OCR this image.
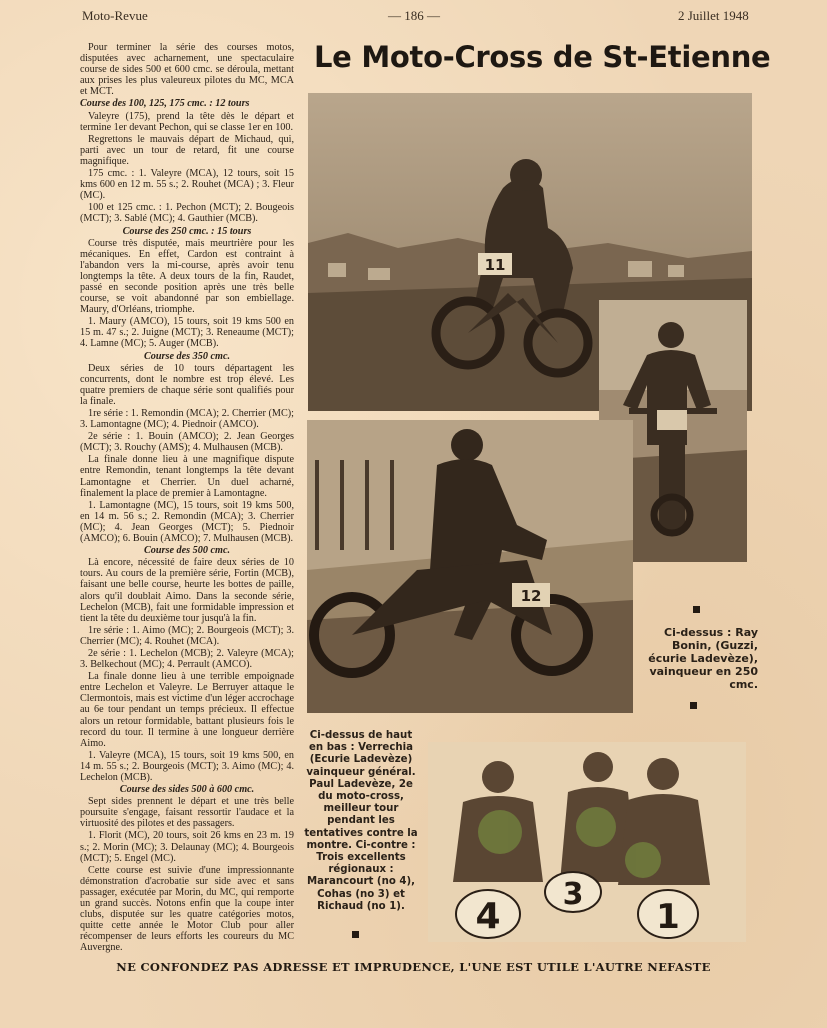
Moto-Revue	— 186 —	2 Juillet 1948
Le Moto-Cross de St-Etienne

Pour terminer la série des courses motos, disputées avec acharnement, une spectaculaire course de sides 500 et 600 cmc. se déroula, mettant aux prises les plus valeureux pilotes du MC, MCA et MCT.

Course des 100, 125, 175 cmc. : 12 tours

Valeyre (175), prend la tête dès le départ et termine 1er devant Pechon, qui se classe 1er en 100.

Regrettons le mauvais départ de Michaud, qui, parti avec un tour de retard, fit une course magnifique.

175 cmc. : 1. Valeyre (MCA), 12 tours, soit 15 kms 600 en 12 m. 55 s.; 2. Rouhet (MCA) ; 3. Fleur (MC).

100 et 125 cmc. : 1. Pechon (MCT); 2. Bougeois (MCT); 3. Sablé (MC); 4. Gauthier (MCB).

Course des 250 cmc. : 15 tours

Course très disputée, mais meurtrière pour les mécaniques. En effet, Cardon est contraint à l'abandon vers la mi-course, après avoir tenu longtemps la tête. A deux tours de la fin, Raudet, passé en seconde position après une très belle course, se voit abandonné par son embiellage. Maury, d'Orléans, triomphe.

1. Maury (AMCO), 15 tours, soit 19 kms 500 en 15 m. 47 s.; 2. Juigne (MCT); 3. Reneaume (MCT); 4. Lamne (MC); 5. Auger (MCB).

Course des 350 cmc.

Deux séries de 10 tours départagent les concurrents, dont le nombre est trop élevé. Les quatre premiers de chaque série sont qualifiés pour la finale.

1re série : 1. Remondin (MCA); 2. Cherrier (MC); 3. Lamontagne (MC); 4. Piednoir (AMCO).

2e série : 1. Bouin (AMCO); 2. Jean Georges (MCT); 3. Rouchy (AMS); 4. Mulhausen (MCB).

La finale donne lieu à une magnifique dispute entre Remondin, tenant longtemps la tête devant Lamontagne et Cherrier. Un duel acharné, finalement la place de premier à Lamontagne.

1. Lamontagne (MC), 15 tours, soit 19 kms 500, en 14 m. 56 s.; 2. Remondin (MCA); 3. Cherrier (MC); 4. Jean Georges (MCT); 5. Piednoir (AMCO); 6. Bouin (AMCO); 7. Mulhausen (MCB).

Course des 500 cmc.

Là encore, nécessité de faire deux séries de 10 tours. Au cours de la première série, Fortin (MCB), faisant une belle course, heurte les bottes de paille, alors qu'il doublait Aimo. Dans la seconde série, Lechelon (MCB), fait une formidable impression et tient la tête du deuxième tour jusqu'à la fin.

1re série : 1. Aimo (MC); 2. Bourgeois (MCT); 3. Cherrier (MC); 4. Rouhet (MCA).

2e série : 1. Lechelon (MCB); 2. Valeyre (MCA); 3. Belkechout (MC); 4. Perrault (AMCO).

La finale donne lieu à une terrible empoignade entre Lechelon et Valeyre. Le Berruyer attaque le Clermontois, mais est victime d'un léger accrochage au 6e tour pendant un temps précieux. Il effectue alors un retour formidable, battant plusieurs fois le record du tour. Il termine à une longueur derrière Aimo.

1. Valeyre (MCA), 15 tours, soit 19 kms 500, en 14 m. 55 s.; 2. Bourgeois (MCT); 3. Aimo (MC); 4. Lechelon (MCB).

Course des sides 500 à 600 cmc.

Sept sides prennent le départ et une très belle poursuite s'engage, faisant ressortir l'audace et la virtuosité des pilotes et des passagers.

1. Florit (MC), 20 tours, soit 26 kms en 23 m. 19 s.; 2. Morin (MC); 3. Delaunay (MC); 4. Bourgeois (MCT); 5. Engel (MC).

Cette course est suivie d'une impressionnante démonstration d'acrobatie sur side avec et sans passager, exécutée par Morin, du MC, qui remporte un grand succès. Notons enfin que la coupe inter clubs, disputée sur les quatre catégories motos, quitte cette année le Motor Club pour aller récompenser de leurs efforts les coureurs du MC Auvergne.

11
12
4
3
1
Ci-dessus : Ray Bonin, (Guzzi, écurie Ladevèze), vainqueur en 250 cmc.
Ci-dessus de haut en bas : Verrechia (Ecurie Ladevèze) vainqueur général. Paul Ladevèze, 2e du moto-cross, meilleur tour pendant les tentatives contre la montre. Ci-contre : Trois excellents régionaux : Marancourt (no 4), Cohas (no 3) et Richaud (no 1).
NE CONFONDEZ PAS ADRESSE ET IMPRUDENCE, L'UNE EST UTILE L'AUTRE NEFASTE
